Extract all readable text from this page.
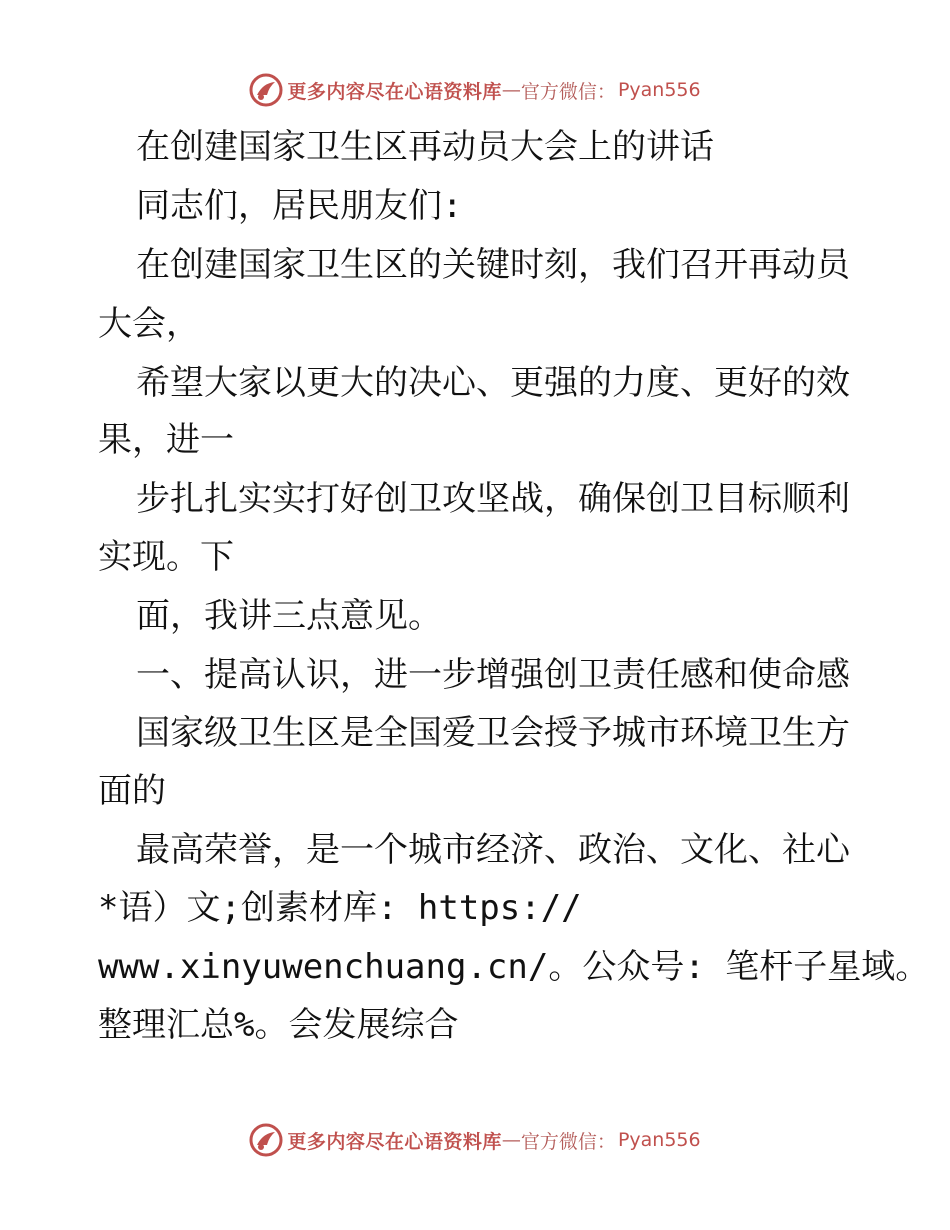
更多内容尽在心语资料库 — 官方微信： Pyan556
在创建国家卫生区再动员大会上的讲话
同志们，居民朋友们:
在创建国家卫生区的关键时刻，我们召开再动员
大会，
希望大家以更大的决心、更强的力度、更好的效
果，进一
步扎扎实实打好创卫攻坚战，确保创卫目标顺利
实现。下
面，我讲三点意见。
一、提高认识，进一步增强创卫责任感和使命感
国家级卫生区是全国爱卫会授予城市环境卫生方
面的
最高荣誉，是一个城市经济、政治、文化、社心
*语）文;创素材库: https://
www.xinyuwenchuang.cn/。公众号: 笔杆子星域。
整理汇总%。会发展综合
更多内容尽在心语资料库 — 官方微信： Pyan556
